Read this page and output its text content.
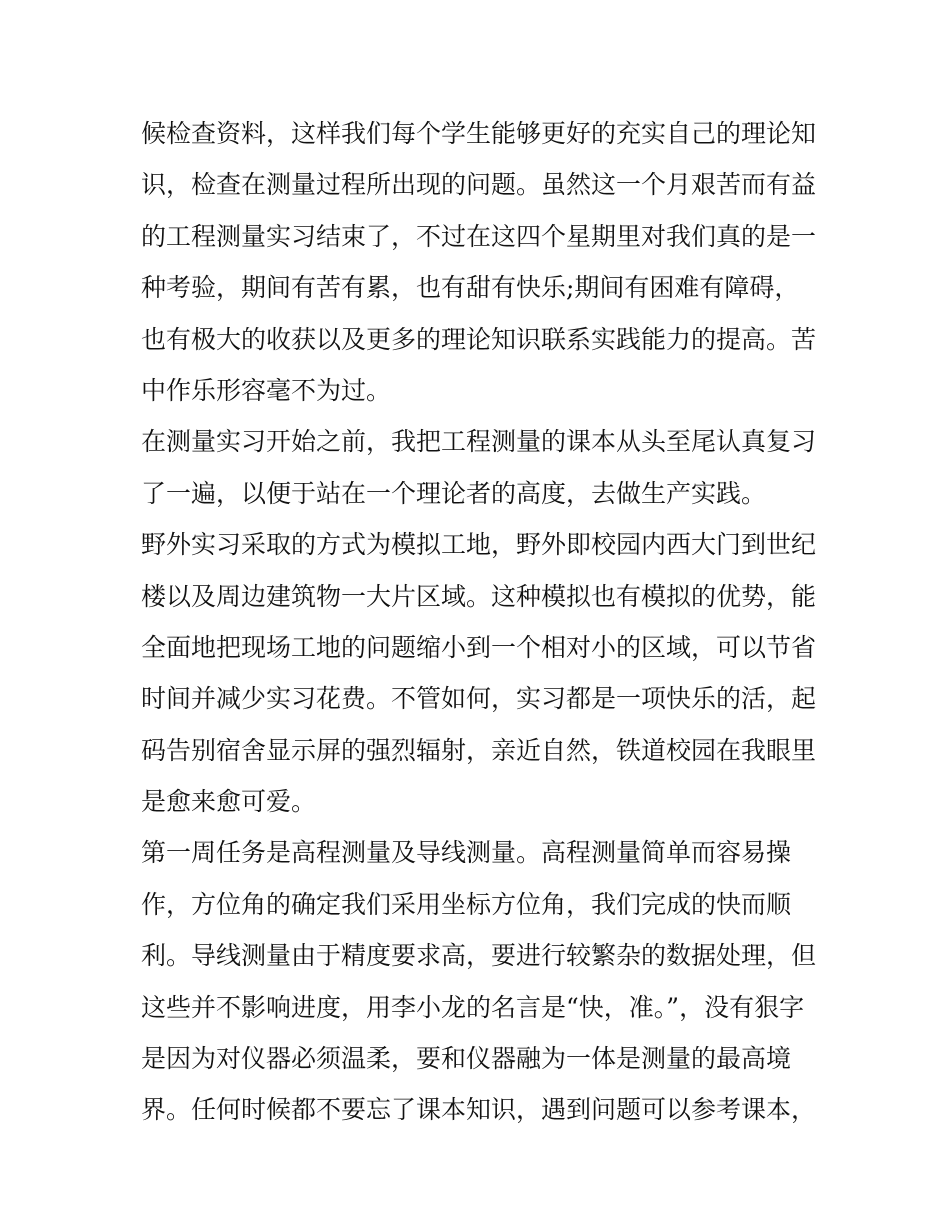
候检查资料，这样我们每个学生能够更好的充实自己的理论知
识，检查在测量过程所出现的问题。虽然这一个月艰苦而有益
的工程测量实习结束了，不过在这四个星期里对我们真的是一
种考验，期间有苦有累，也有甜有快乐;期间有困难有障碍，
也有极大的收获以及更多的理论知识联系实践能力的提高。苦
中作乐形容毫不为过。
在测量实习开始之前，我把工程测量的课本从头至尾认真复习
了一遍，以便于站在一个理论者的高度，去做生产实践。
野外实习采取的方式为模拟工地，野外即校园内西大门到世纪
楼以及周边建筑物一大片区域。这种模拟也有模拟的优势，能
全面地把现场工地的问题缩小到一个相对小的区域，可以节省
时间并减少实习花费。不管如何，实习都是一项快乐的活，起
码告别宿舍显示屏的强烈辐射，亲近自然，铁道校园在我眼里
是愈来愈可爱。
第一周任务是高程测量及导线测量。高程测量简单而容易操
作，方位角的确定我们采用坐标方位角，我们完成的快而顺
利。导线测量由于精度要求高，要进行较繁杂的数据处理，但
这些并不影响进度，用李小龙的名言是“快，准。”，没有狠字
是因为对仪器必须温柔，要和仪器融为一体是测量的最高境
界。任何时候都不要忘了课本知识，遇到问题可以参考课本，
